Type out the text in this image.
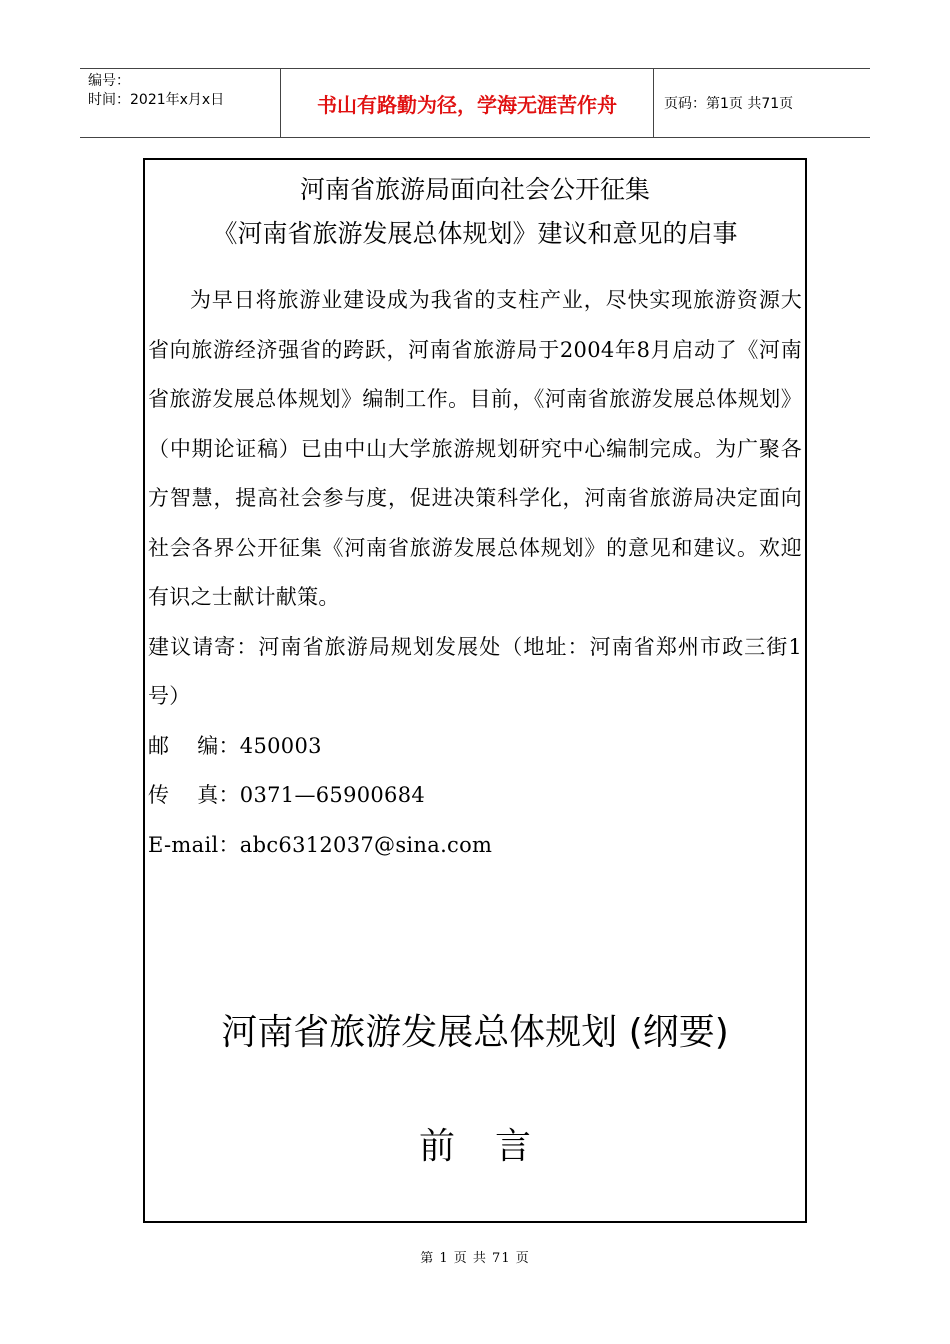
编号：
时间：2021年x月x日	书山有路勤为径，学海无涯苦作舟	页码：第1页 共71页
河南省旅游局面向社会公开征集
《河南省旅游发展总体规划》建议和意见的启事

为早日将旅游业建设成为我省的支柱产业，尽快实现旅游资源大省向旅游经济强省的跨跃，河南省旅游局于2004年8月启动了《河南省旅游发展总体规划》编制工作。目前，《河南省旅游发展总体规划》（中期论证稿）已由中山大学旅游规划研究中心编制完成。为广聚各方智慧，提高社会参与度，促进决策科学化，河南省旅游局决定面向社会各界公开征集《河南省旅游发展总体规划》的意见和建议。欢迎有识之士献计献策。

建议请寄：河南省旅游局规划发展处（地址：河南省郑州市政三街1号）

邮    编：450003

传    真：0371—65900684

E-mail：abc6312037@sina.com

河南省旅游发展总体规划 (纲要)
前言
第 1 页 共 71 页
